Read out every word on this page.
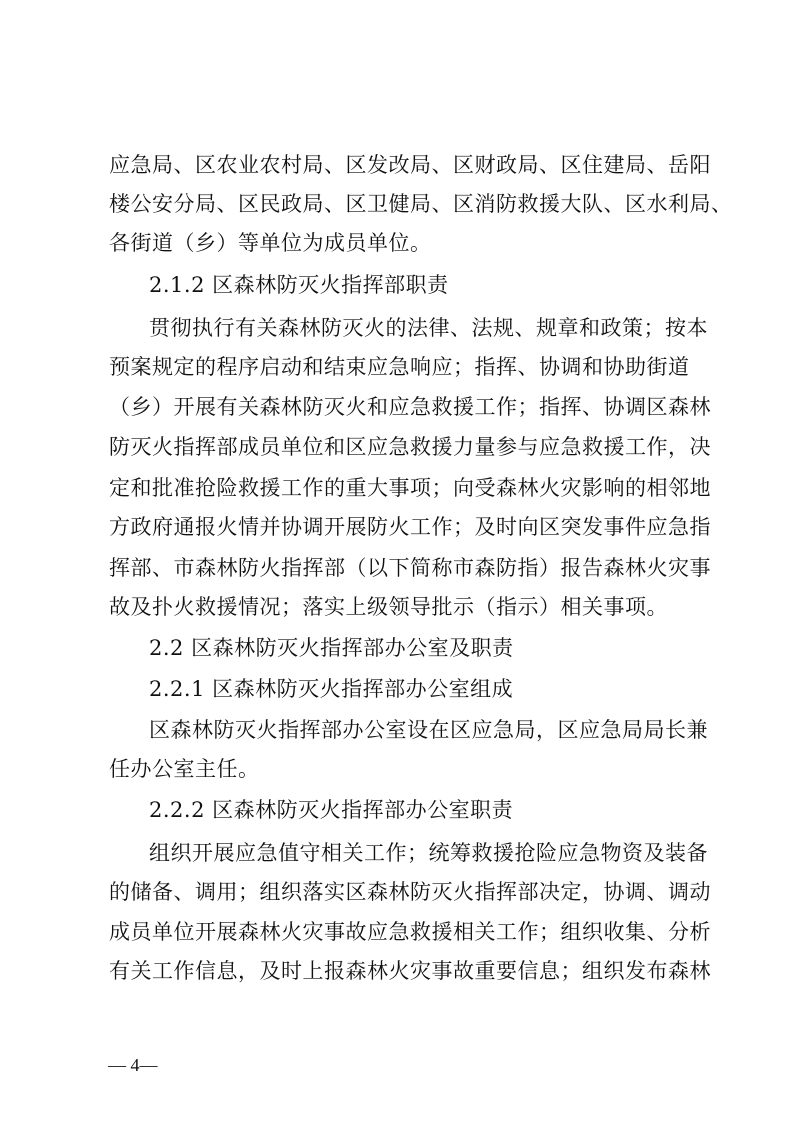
应急局、区农业农村局、区发改局、区财政局、区住建局、岳阳
楼公安分局、区民政局、区卫健局、区消防救援大队、区水利局、
各街道（乡）等单位为成员单位。
2.1.2 区森林防灭火指挥部职责
贯彻执行有关森林防灭火的法律、法规、规章和政策；按本
预案规定的程序启动和结束应急响应；指挥、协调和协助街道
（乡）开展有关森林防灭火和应急救援工作；指挥、协调区森林
防灭火指挥部成员单位和区应急救援力量参与应急救援工作，决
定和批准抢险救援工作的重大事项；向受森林火灾影响的相邻地
方政府通报火情并协调开展防火工作；及时向区突发事件应急指
挥部、市森林防火指挥部（以下简称市森防指）报告森林火灾事
故及扑火救援情况；落实上级领导批示（指示）相关事项。
2.2 区森林防灭火指挥部办公室及职责
2.2.1 区森林防灭火指挥部办公室组成
区森林防灭火指挥部办公室设在区应急局，区应急局局长兼
任办公室主任。
2.2.2 区森林防灭火指挥部办公室职责
组织开展应急值守相关工作；统筹救援抢险应急物资及装备
的储备、调用；组织落实区森林防灭火指挥部决定，协调、调动
成员单位开展森林火灾事故应急救援相关工作；组织收集、分析
有关工作信息，及时上报森林火灾事故重要信息；组织发布森林
— 4—
